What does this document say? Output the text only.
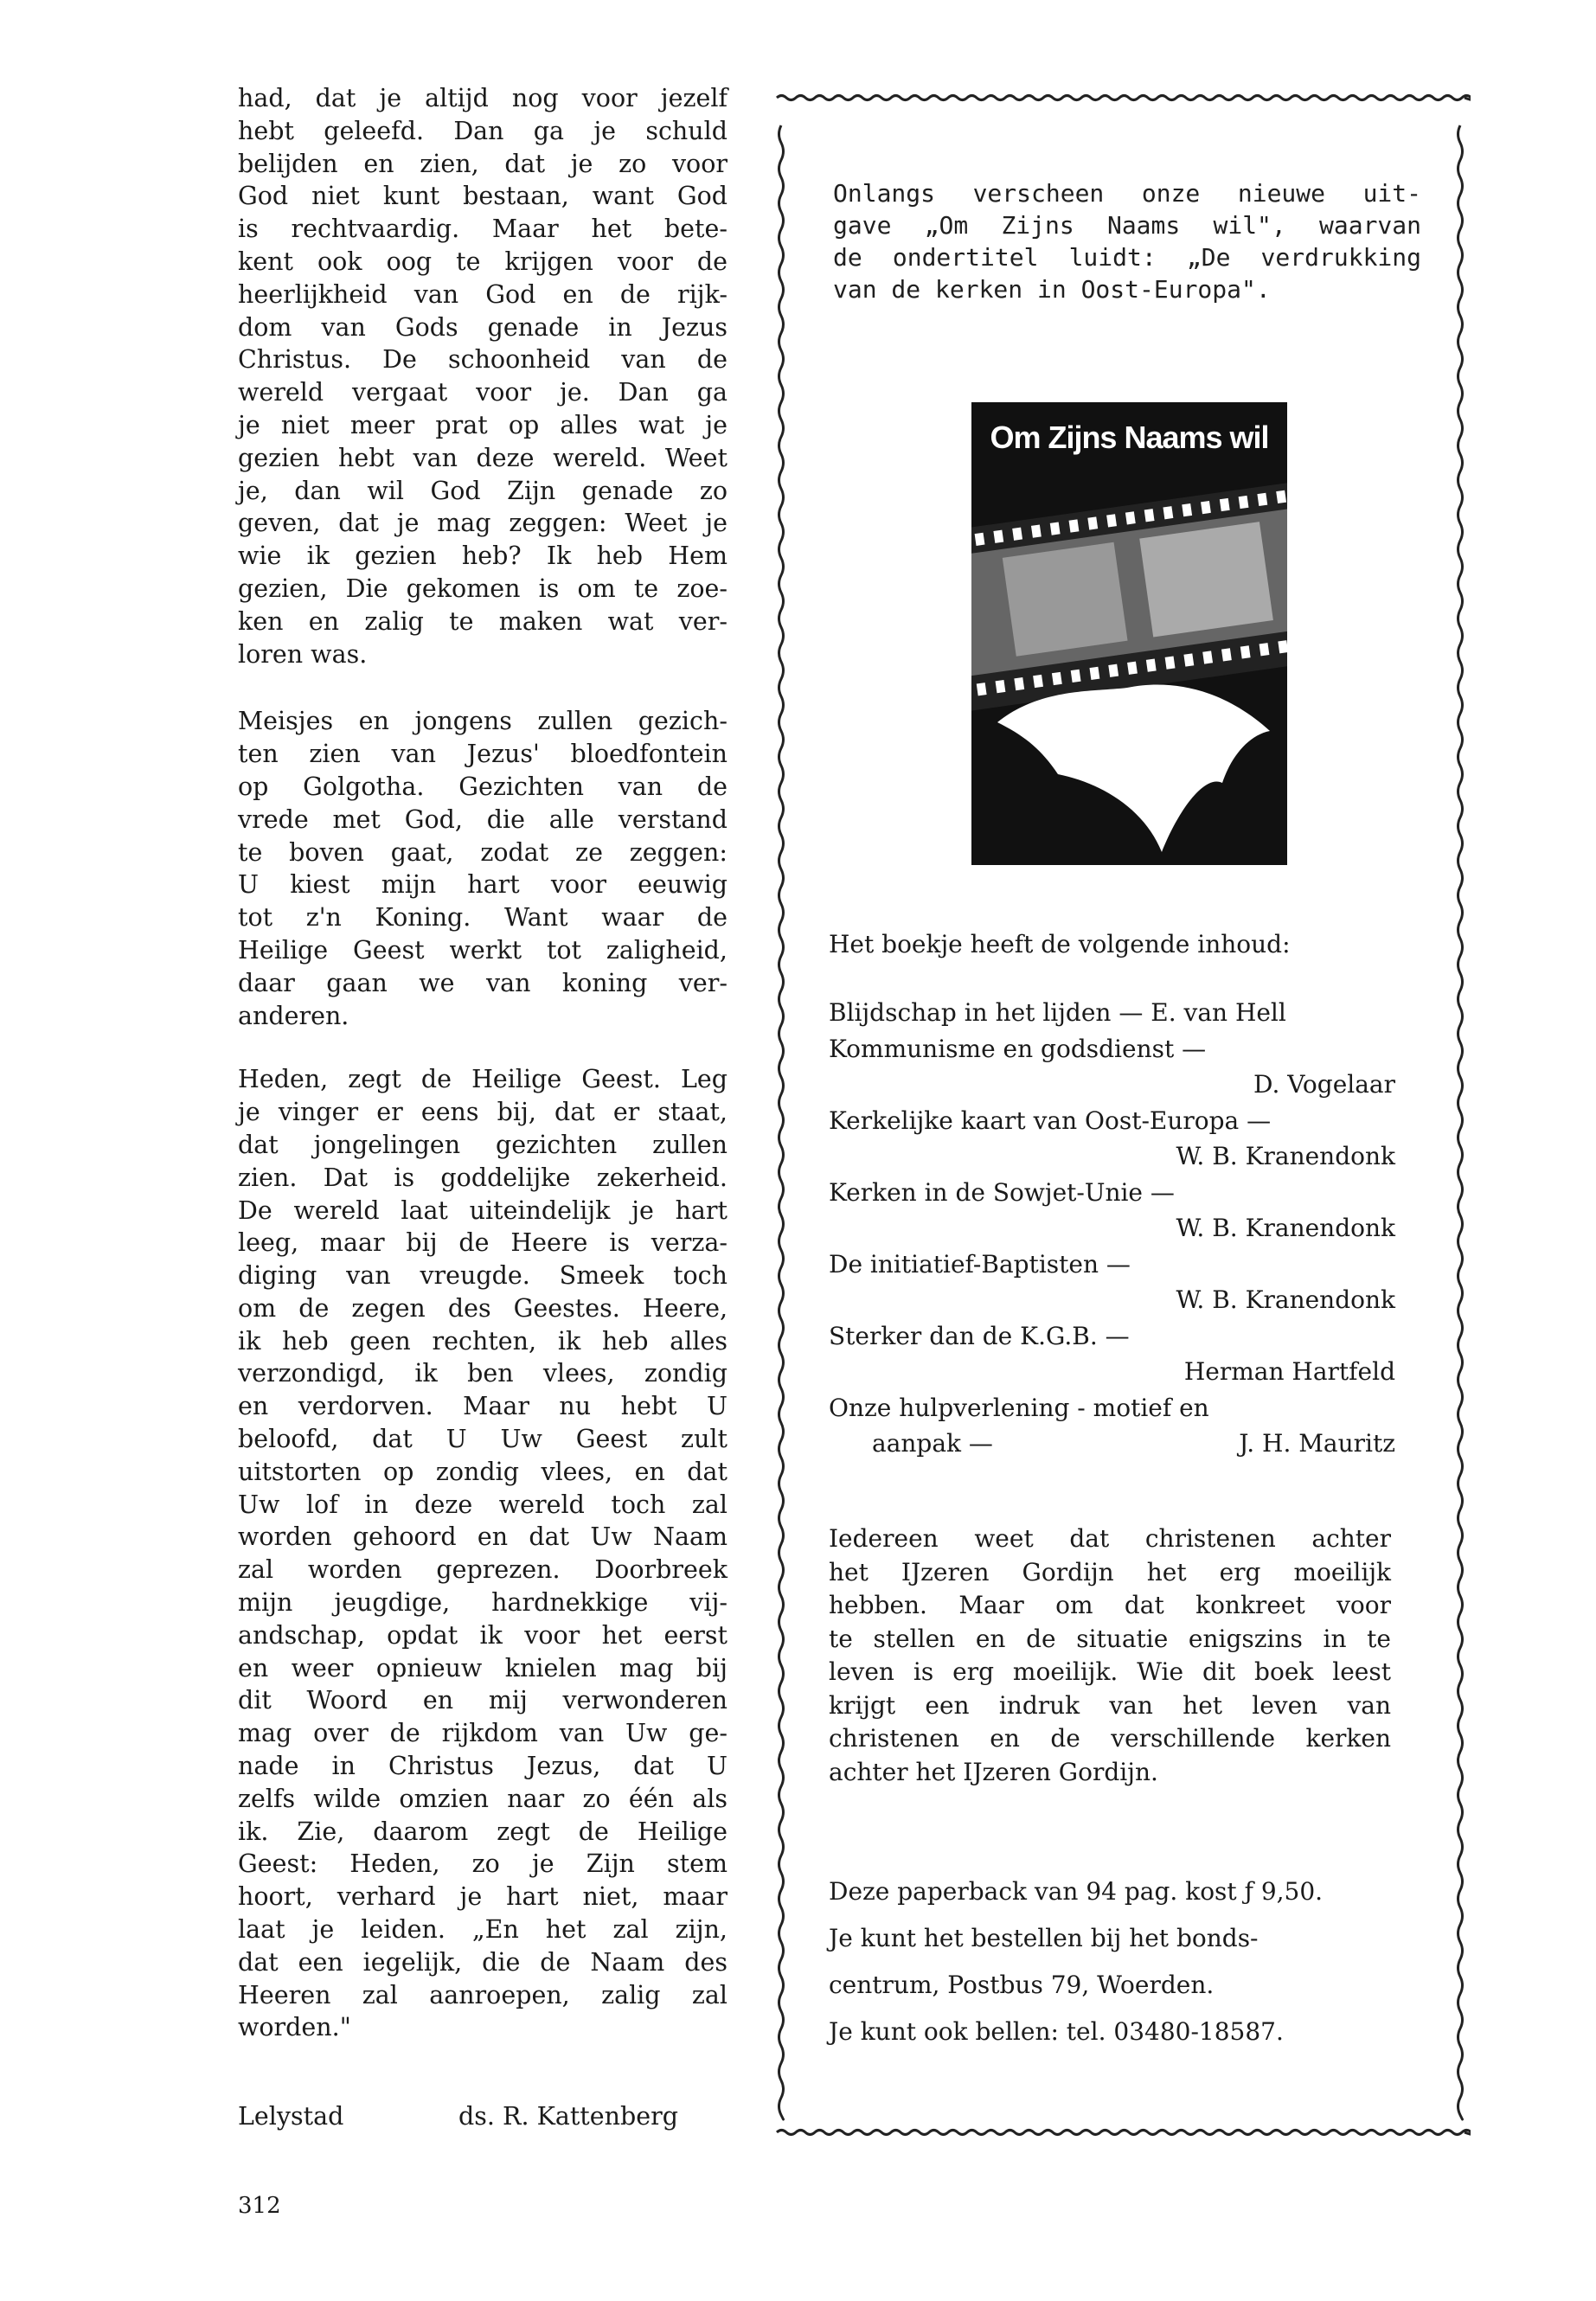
had, dat je altijd nog voor jezelf
hebt geleefd. Dan ga je schuld
belijden en zien, dat je zo voor
God niet kunt bestaan, want God
is rechtvaardig. Maar het bete-
kent ook oog te krijgen voor de
heerlijkheid van God en de rijk-
dom van Gods genade in Jezus
Christus. De schoonheid van de
wereld vergaat voor je. Dan ga
je niet meer prat op alles wat je
gezien hebt van deze wereld. Weet
je, dan wil God Zijn genade zo
geven, dat je mag zeggen: Weet je
wie ik gezien heb? Ik heb Hem
gezien, Die gekomen is om te zoe-
ken en zalig te maken wat ver-
loren was.

Meisjes en jongens zullen gezich-
ten zien van Jezus' bloedfontein
op Golgotha. Gezichten van de
vrede met God, die alle verstand
te boven gaat, zodat ze zeggen:
U kiest mijn hart voor eeuwig
tot z'n Koning. Want waar de
Heilige Geest werkt tot zaligheid,
daar gaan we van koning ver-
anderen.

Heden, zegt de Heilige Geest. Leg
je vinger er eens bij, dat er staat,
dat jongelingen gezichten zullen
zien. Dat is goddelijke zekerheid.
De wereld laat uiteindelijk je hart
leeg, maar bij de Heere is verza-
diging van vreugde. Smeek toch
om de zegen des Geestes. Heere,
ik heb geen rechten, ik heb alles
verzondigd, ik ben vlees, zondig
en verdorven. Maar nu hebt U
beloofd, dat U Uw Geest zult
uitstorten op zondig vlees, en dat
Uw lof in deze wereld toch zal
worden gehoord en dat Uw Naam
zal worden geprezen. Doorbreek
mijn jeugdige, hardnekkige vij-
andschap, opdat ik voor het eerst
en weer opnieuw knielen mag bij
dit Woord en mij verwonderen
mag over de rijkdom van Uw ge-
nade in Christus Jezus, dat U
zelfs wilde omzien naar zo één als
ik. Zie, daarom zegt de Heilige
Geest: Heden, zo je Zijn stem
hoort, verhard je hart niet, maar
laat je leiden. „En het zal zijn,
dat een iegelijk, die de Naam des
Heeren zal aanroepen, zalig zal
worden."

Lelystad	ds. R. Kattenberg
312
Onlangs verscheen onze nieuwe uit-
gave „Om Zijns Naams wil", waarvan
de ondertitel luidt: „De verdrukking
van de kerken in Oost-Europa".
Om Zijns Naams wil
Het boekje heeft de volgende inhoud:
Blijdschap in het lijden — E. van Hell
Kommunisme en godsdienst —
D. Vogelaar
Kerkelijke kaart van Oost-Europa —
W. B. Kranendonk
Kerken in de Sowjet-Unie —
W. B. Kranendonk
De initiatief-Baptisten —
W. B. Kranendonk
Sterker dan de K.G.B. —
Herman Hartfeld
Onze hulpverlening - motief en
aanpak —	J. H. Mauritz
Iedereen weet dat christenen achter
het IJzeren Gordijn het erg moeilijk
hebben. Maar om dat konkreet voor
te stellen en de situatie enigszins in te
leven is erg moeilijk. Wie dit boek leest
krijgt een indruk van het leven van
christenen en de verschillende kerken
achter het IJzeren Gordijn.
Deze paperback van 94 pag. kost ƒ 9,50.
Je kunt het bestellen bij het bonds-
centrum, Postbus 79, Woerden.
Je kunt ook bellen: tel. 03480-18587.
